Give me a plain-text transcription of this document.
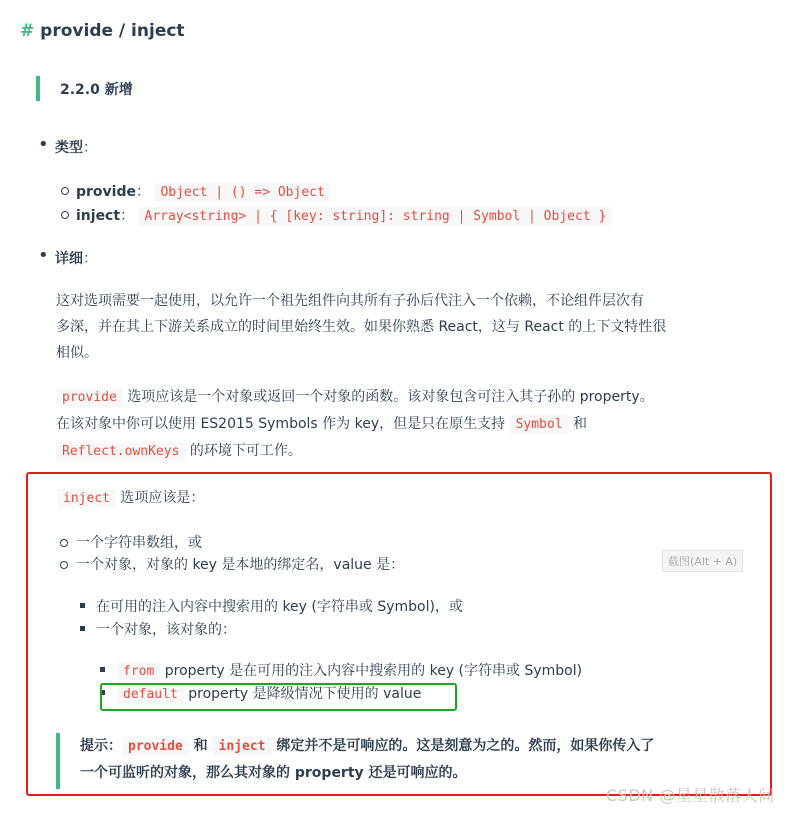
# provide / inject
2.2.0 新增
• 类型：
provide： Object | () => Object
inject： Array<string> | { [key: string]: string | Symbol | Object }
• 详细：
这对选项需要一起使用，以允许一个祖先组件向其所有子孙后代注入一个依赖，不论组件层次有
多深，并在其上下游关系成立的时间里始终生效。如果你熟悉 React，这与 React 的上下文特性很
相似。
provide 选项应该是一个对象或返回一个对象的函数。该对象包含可注入其子孙的 property。
在该对象中你可以使用 ES2015 Symbols 作为 key，但是只在原生支持 Symbol 和
Reflect.ownKeys 的环境下可工作。
inject 选项应该是：
一个字符串数组，或
一个对象，对象的 key 是本地的绑定名，value 是：	截图(Alt + A)
在可用的注入内容中搜索用的 key (字符串或 Symbol)，或
一个对象，该对象的：
from property 是在可用的注入内容中搜索用的 key (字符串或 Symbol)
default property 是降级情况下使用的 value
提示： provide 和 inject 绑定并不是可响应的。这是刻意为之的。然而，如果你传入了
一个可监听的对象，那么其对象的 property 还是可响应的。
CSDN @星星散落人间
